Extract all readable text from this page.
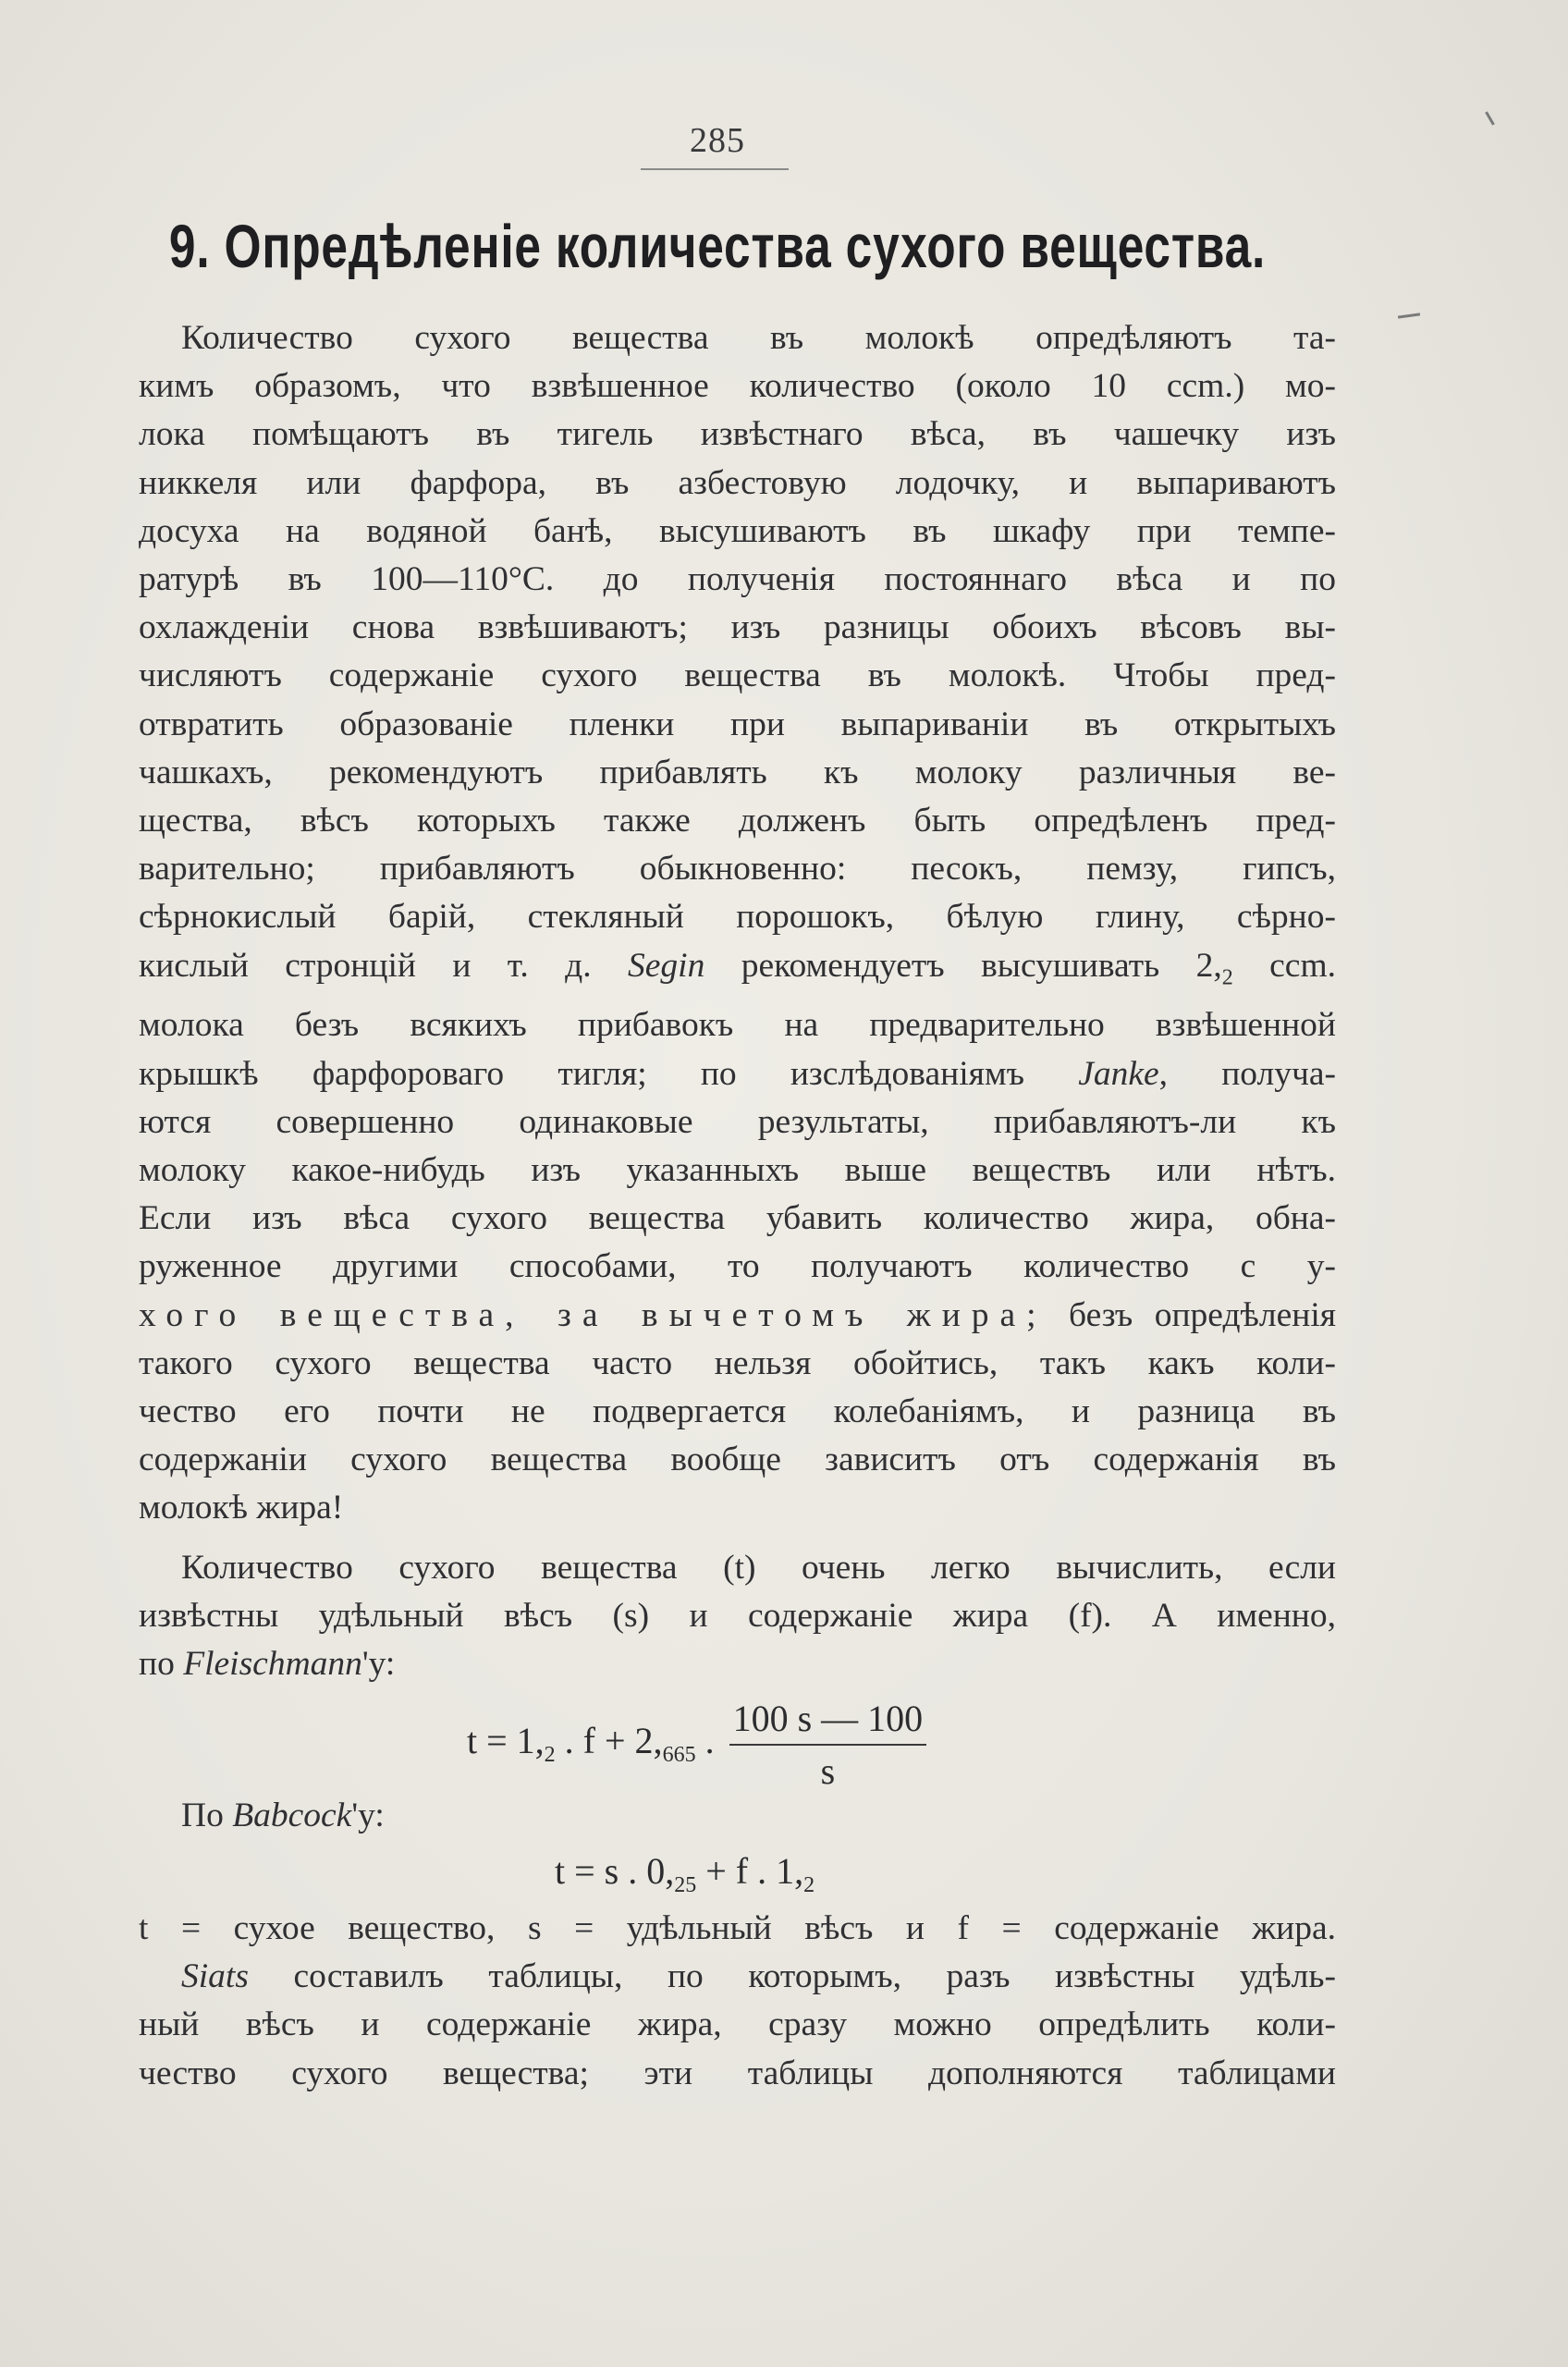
285
9. Опредѣленіе количества сухого вещества.
Количество сухого вещества въ молокѣ опредѣляютъ та-
кимъ образомъ, что взвѣшенное количество (около 10 ccm.) мо-
лока помѣщаютъ въ тигель извѣстнаго вѣса, въ чашечку изъ
никкеля или фарфора, въ азбестовую лодочку, и выпариваютъ
досуха на водяной банѣ, высушиваютъ въ шкафу при темпе-
ратурѣ въ 100—110°С. до полученія постояннаго вѣса и по
охлажденіи снова взвѣшиваютъ; изъ разницы обоихъ вѣсовъ вы-
числяютъ содержаніе сухого вещества въ молокѣ. Чтобы пред-
отвратить образованіе пленки при выпариваніи въ открытыхъ
чашкахъ, рекомендуютъ прибавлять къ молоку различныя ве-
щества, вѣсъ которыхъ также долженъ быть опредѣленъ пред-
варительно; прибавляютъ обыкновенно: песокъ, пемзу, гипсъ,
сѣрнокислый барій, стекляный порошокъ, бѣлую глину, сѣрно-
кислый стронцій и т. д. Segin рекомендуетъ высушивать $2,_2$ ccm.
молока безъ всякихъ прибавокъ на предварительно взвѣшенной
крышкѣ фарфороваго тигля; по изслѣдованіямъ Janke, получа-
ются совершенно одинаковые результаты, прибавляютъ-ли къ
молоку какое-нибудь изъ указанныхъ выше веществъ или нѣтъ.
Если изъ вѣса сухого вещества убавить количество жира, обна-
руженное другими способами, то получаютъ количество с у-
хого вещества, за вычетомъ жира; безъ опредѣленія
такого сухого вещества часто нельзя обойтись, такъ какъ коли-
чество его почти не подвергается колебаніямъ, и разница въ
содержаніи сухого вещества вообще зависитъ отъ содержанія въ
молокѣ жира!
Количество сухого вещества (t) очень легко вычислить, если
извѣстны удѣльный вѣсъ (s) и содержаніе жира (f). А именно,
по Fleischmann'у:
$t = 1,_2$ . $f + 2,_{665}$ . $\frac{100 s — 100}{s}$
По Babcock'у:
t = s . $0,_{25} + f$ . $1,_2$
t = сухое вещество, s = удѣльный вѣсъ и f = содержаніе жира.
Siats составилъ таблицы, по которымъ, разъ извѣстны удѣль-
ный вѣсъ и содержаніе жира, сразу можно опредѣлить коли-
чество сухого вещества; эти таблицы дополняются таблицами
